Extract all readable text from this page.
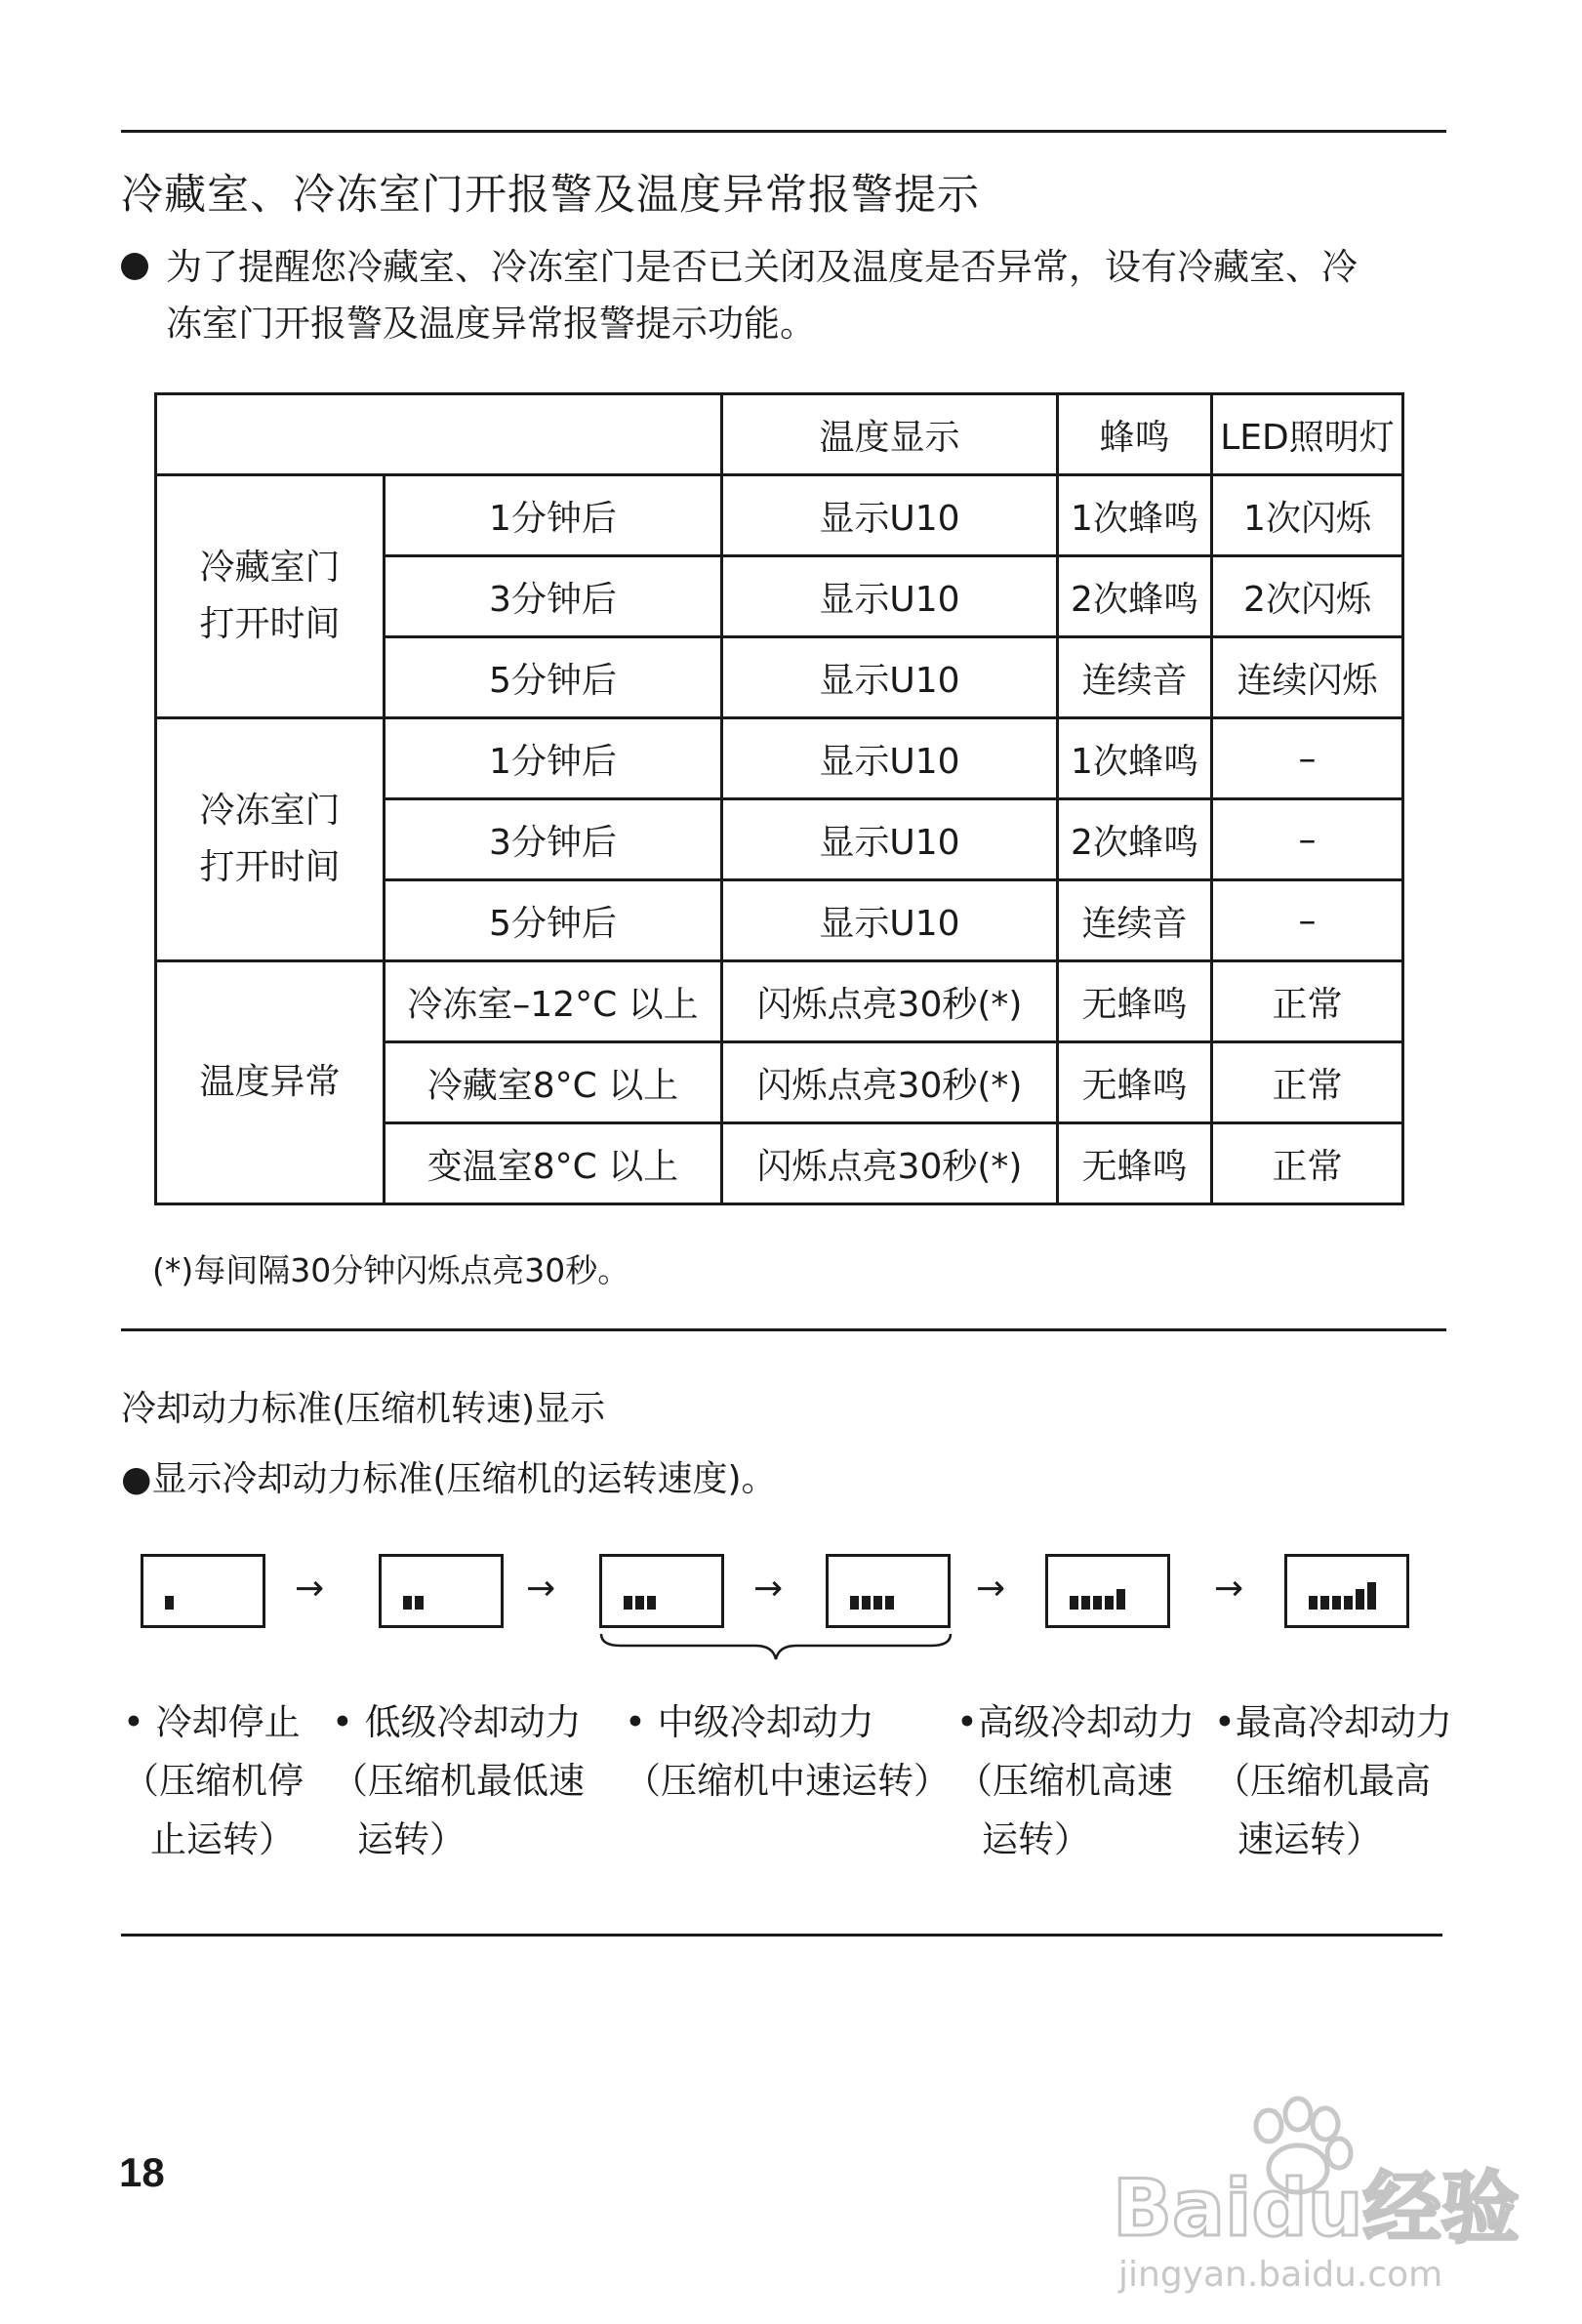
冷藏室、冷冻室门开报警及温度异常报警提示
为了提醒您冷藏室、冷冻室门是否已关闭及温度是否异常，设有冷藏室、冷
冻室门开报警及温度异常报警提示功能。
		温度显示	蜂鸣	LED照明灯
冷藏室门
打开时间	1分钟后	显示U10	1次蜂鸣	1次闪烁
	3分钟后	显示U10	2次蜂鸣	2次闪烁
	5分钟后	显示U10	连续音	连续闪烁
冷冻室门
打开时间	1分钟后	显示U10	1次蜂鸣	–
	3分钟后	显示U10	2次蜂鸣	–
	5分钟后	显示U10	连续音	–
温度异常	冷冻室–12°C 以上	闪烁点亮30秒(*)	无蜂鸣	正常
	冷藏室8°C 以上	闪烁点亮30秒(*)	无蜂鸣	正常
	变温室8°C 以上	闪烁点亮30秒(*)	无蜂鸣	正常
(*)每间隔30分钟闪烁点亮30秒。
冷却动力标准(压缩机转速)显示
●显示冷却动力标准(压缩机的运转速度)。
→	→	→	→	→
• 冷却停止
（压缩机停
止运转）
• 低级冷却动力
（压缩机最低速
运转）
• 中级冷却动力
（压缩机中速运转）
•高级冷却动力
（压缩机高速
运转）
•最高冷却动力
（压缩机最高
速运转）
Baidu经验
jingyan.baidu.com
18
